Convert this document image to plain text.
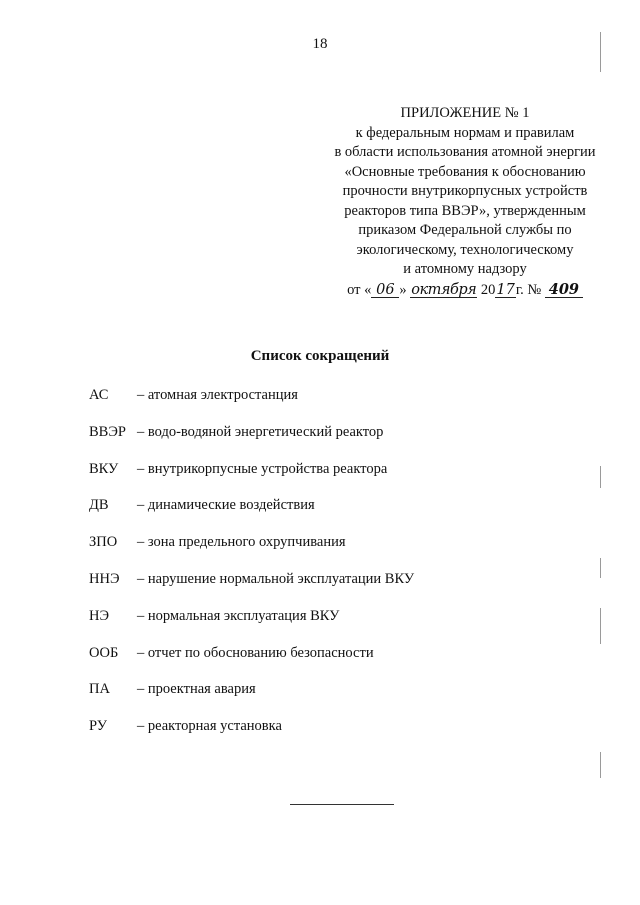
18
ПРИЛОЖЕНИЕ № 1
к федеральным нормам и правилам
в области использования атомной энергии
«Основные требования к обоснованию
прочности внутрикорпусных устройств
реакторов типа ВВЭР», утвержденным
приказом Федеральной службы по
экологическому, технологическому
и атомному надзору
от « 06 » октября 2017г. № 409
Список сокращений
АС – атомная электростанция
ВВЭР – водо-водяной энергетический реактор
ВКУ – внутрикорпусные устройства реактора
ДВ – динамические воздействия
ЗПО – зона предельного охрупчивания
ННЭ – нарушение нормальной эксплуатации ВКУ
НЭ – нормальная эксплуатация ВКУ
ООБ – отчет по обоснованию безопасности
ПА – проектная авария
РУ – реакторная установка
